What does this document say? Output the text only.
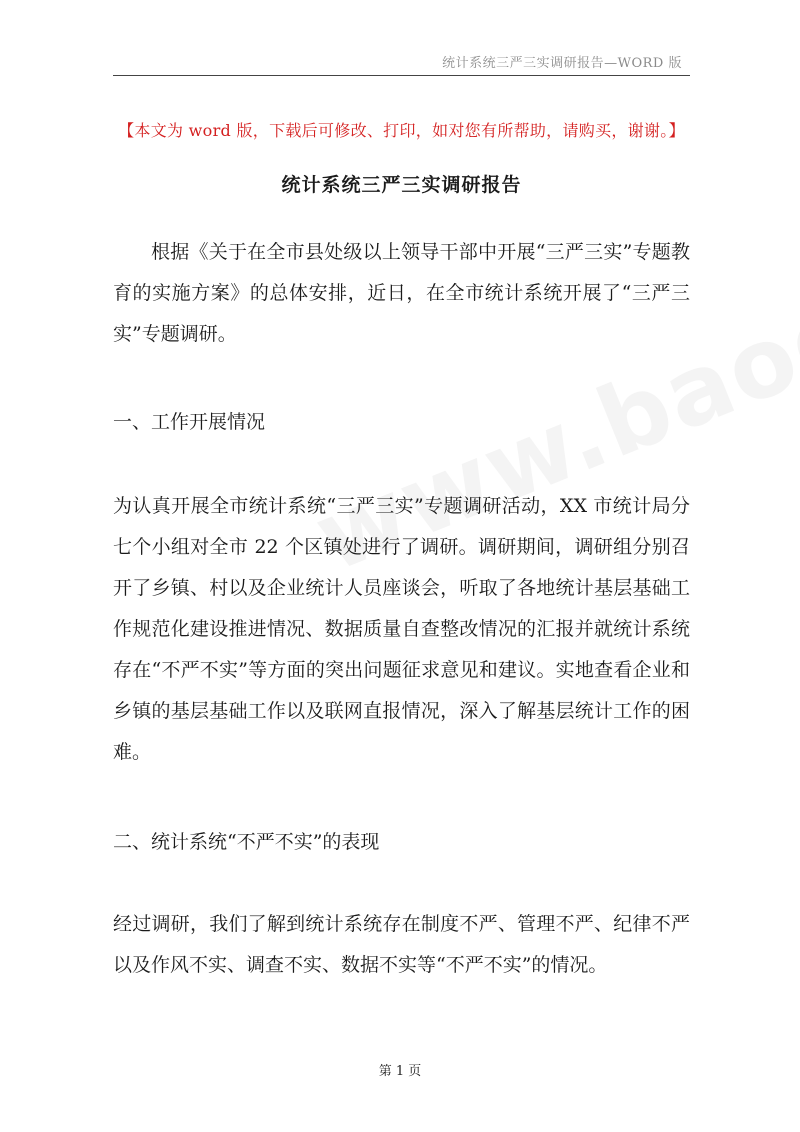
统计系统三严三实调研报告—WORD 版
【本文为 word 版，下载后可修改、打印，如对您有所帮助，请购买，谢谢。】
统计系统三严三实调研报告

根据《关于在全市县处级以上领导干部中开展“三严三实”专题教育的实施方案》的总体安排，近日，在全市统计系统开展了“三严三实”专题调研。

一、工作开展情况

为认真开展全市统计系统“三严三实”专题调研活动，XX 市统计局分七个小组对全市 22 个区镇处进行了调研。调研期间，调研组分别召开了乡镇、村以及企业统计人员座谈会，听取了各地统计基层基础工作规范化建设推进情况、数据质量自查整改情况的汇报并就统计系统存在“不严不实”等方面的突出问题征求意见和建议。实地查看企业和乡镇的基层基础工作以及联网直报情况，深入了解基层统计工作的困难。

二、统计系统“不严不实”的表现

经过调研，我们了解到统计系统存在制度不严、管理不严、纪律不严以及作风不实、调查不实、数据不实等“不严不实”的情况。

第 1 页
